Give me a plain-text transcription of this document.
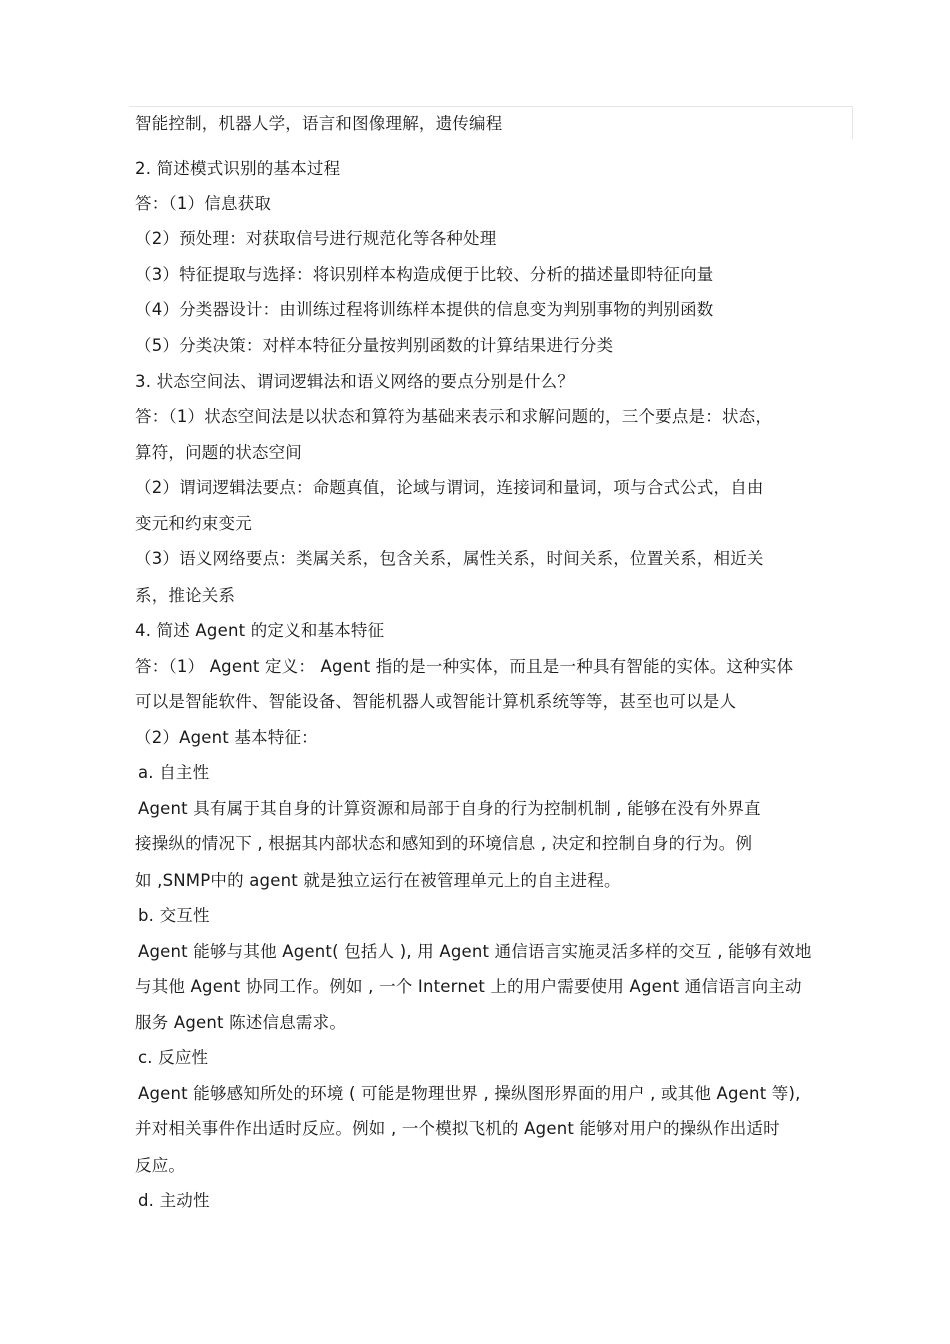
智能控制，机器人学，语言和图像理解，遗传编程
2. 简述模式识别的基本过程
答：（1）信息获取
（2）预处理：对获取信号进行规范化等各种处理
（3）特征提取与选择：将识别样本构造成便于比较、分析的描述量即特征向量
（4）分类器设计：由训练过程将训练样本提供的信息变为判别事物的判别函数
（5）分类决策：对样本特征分量按判别函数的计算结果进行分类
3. 状态空间法、谓词逻辑法和语义网络的要点分别是什么？
答：（1）状态空间法是以状态和算符为基础来表示和求解问题的，三个要点是：状态，
算符，问题的状态空间
（2）谓词逻辑法要点：命题真值，论域与谓词，连接词和量词，项与合式公式，自由
变元和约束变元
（3）语义网络要点：类属关系，包含关系，属性关系，时间关系，位置关系，相近关
系，推论关系
4. 简述 Agent 的定义和基本特征
答：（1） Agent 定义： Agent 指的是一种实体，而且是一种具有智能的实体。这种实体
可以是智能软件、智能设备、智能机器人或智能计算机系统等等，甚至也可以是人
（2）Agent 基本特征：
a. 自主性
Agent 具有属于其自身的计算资源和局部于自身的行为控制机制 , 能够在没有外界直
接操纵的情况下 , 根据其内部状态和感知到的环境信息 , 决定和控制自身的行为。例
如 ,SNMP中的 agent 就是独立运行在被管理单元上的自主进程。
b. 交互性
Agent 能够与其他 Agent( 包括人 ), 用 Agent 通信语言实施灵活多样的交互 , 能够有效地
与其他 Agent 协同工作。例如 , 一个 Internet 上的用户需要使用 Agent 通信语言向主动
服务 Agent 陈述信息需求。
c. 反应性
Agent 能够感知所处的环境 ( 可能是物理世界 , 操纵图形界面的用户 , 或其他 Agent 等),
并对相关事件作出适时反应。例如 , 一个模拟飞机的 Agent 能够对用户的操纵作出适时
反应。
d. 主动性
